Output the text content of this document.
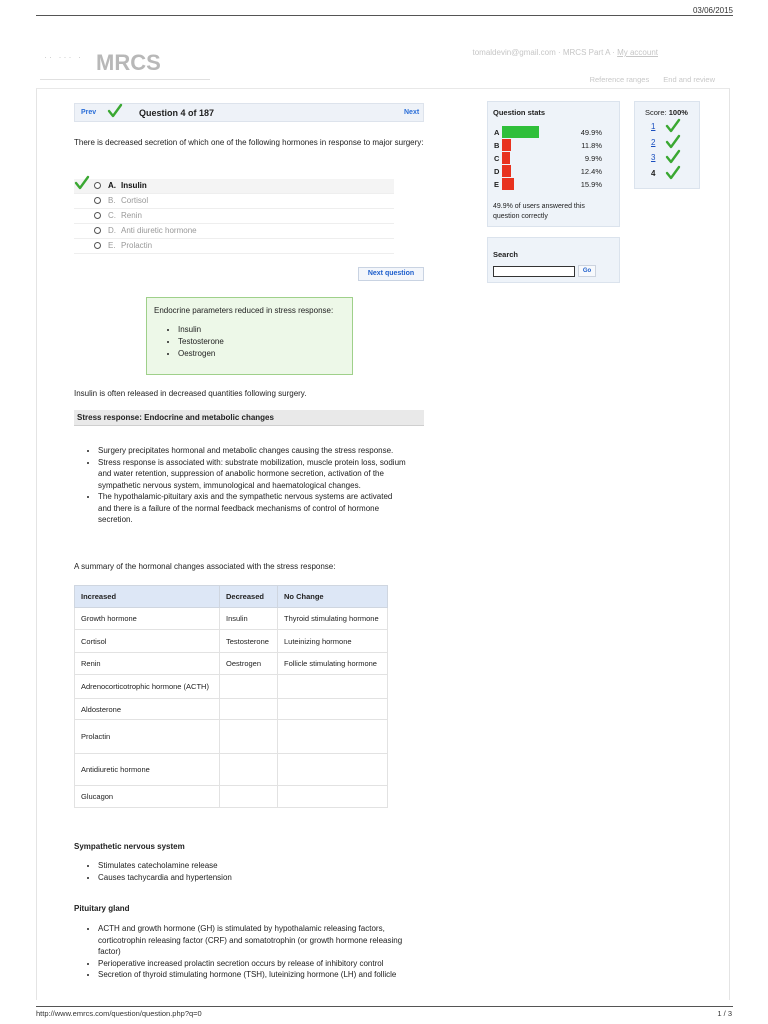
03/06/2015
·· ··· · MRCS	tomaldevin@gmail.com · MRCS Part A · My account
Reference ranges End and review
Prev	Question 4 of 187	Next
There is decreased secretion of which one of the following hormones in response to major surgery:
A. Insulin
B. Cortisol
C. Renin
D. Anti diuretic hormone
E. Prolactin
Next question
Endocrine parameters reduced in stress response:
• Insulin
• Testosterone
• Oestrogen
Insulin is often released in decreased quantities following surgery.
Stress response: Endocrine and metabolic changes
• Surgery precipitates hormonal and metabolic changes causing the stress response.
• Stress response is associated with: substrate mobilization, muscle protein loss, sodium and water retention, suppression of anabolic hormone secretion, activation of the sympathetic nervous system, immunological and haematological changes.
• The hypothalamic-pituitary axis and the sympathetic nervous systems are activated and there is a failure of the normal feedback mechanisms of control of hormone secretion.
A summary of the hormonal changes associated with the stress response:
Increased	Decreased	No Change
Growth hormone	Insulin	Thyroid stimulating hormone
Cortisol	Testosterone	Luteinizing hormone
Renin	Oestrogen	Follicle stimulating hormone
Adrenocorticotrophic hormone (ACTH)		
Aldosterone		
Prolactin		
Antidiuretic hormone		
Glucagon		
Sympathetic nervous system
• Stimulates catecholamine release
• Causes tachycardia and hypertension
Pituitary gland
• ACTH and growth hormone (GH) is stimulated by hypothalamic releasing factors, corticotrophin releasing factor (CRF) and somatotrophin (or growth hormone releasing factor)
• Perioperative increased prolactin secretion occurs by release of inhibitory control
• Secretion of thyroid stimulating hormone (TSH), luteinizing hormone (LH) and follicle
Question stats
A	49.9%
B	11.8%
C	9.9%
D	12.4%
E	15.9%
49.9% of users answered this question correctly
Search
Go
Score: 100%
1
2
3
4
http://www.emrcs.com/question/question.php?q=0	1 / 3
